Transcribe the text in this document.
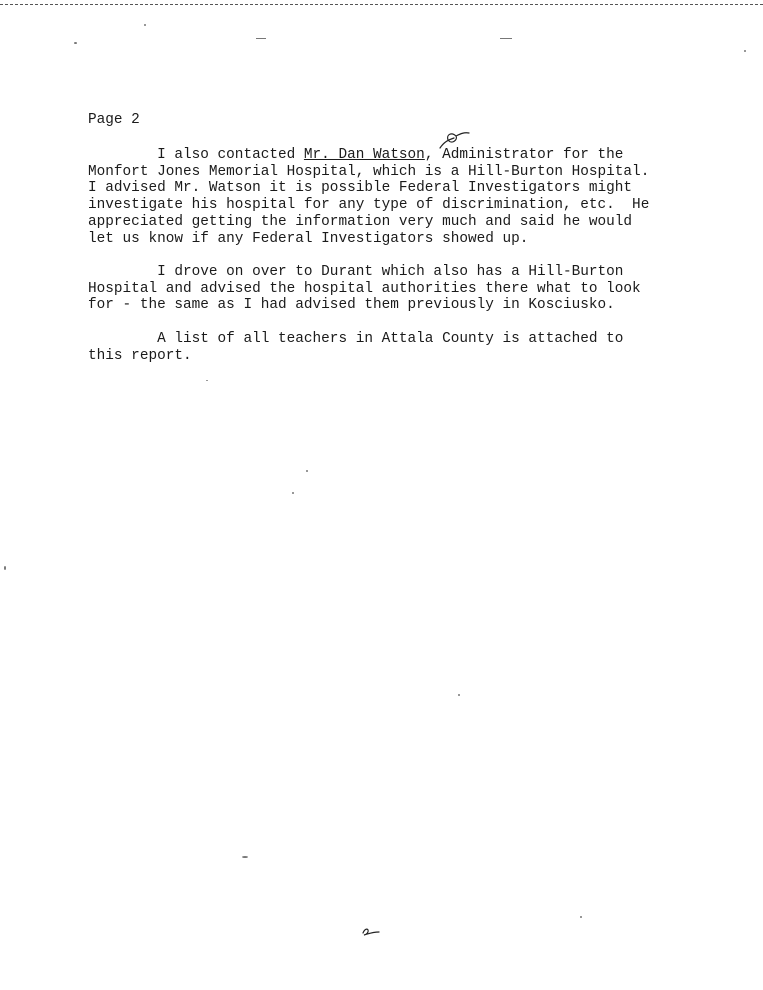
Page 2

I also contacted Mr. Dan Watson, Administrator for the
Monfort Jones Memorial Hospital, which is a Hill-Burton Hospital.
I advised Mr. Watson it is possible Federal Investigators might
investigate his hospital for any type of discrimination, etc.  He
appreciated getting the information very much and said he would
let us know if any Federal Investigators showed up.

I drove on over to Durant which also has a Hill-Burton
Hospital and advised the hospital authorities there what to look
for - the same as I had advised them previously in Kosciusko.

A list of all teachers in Attala County is attached to
this report.
